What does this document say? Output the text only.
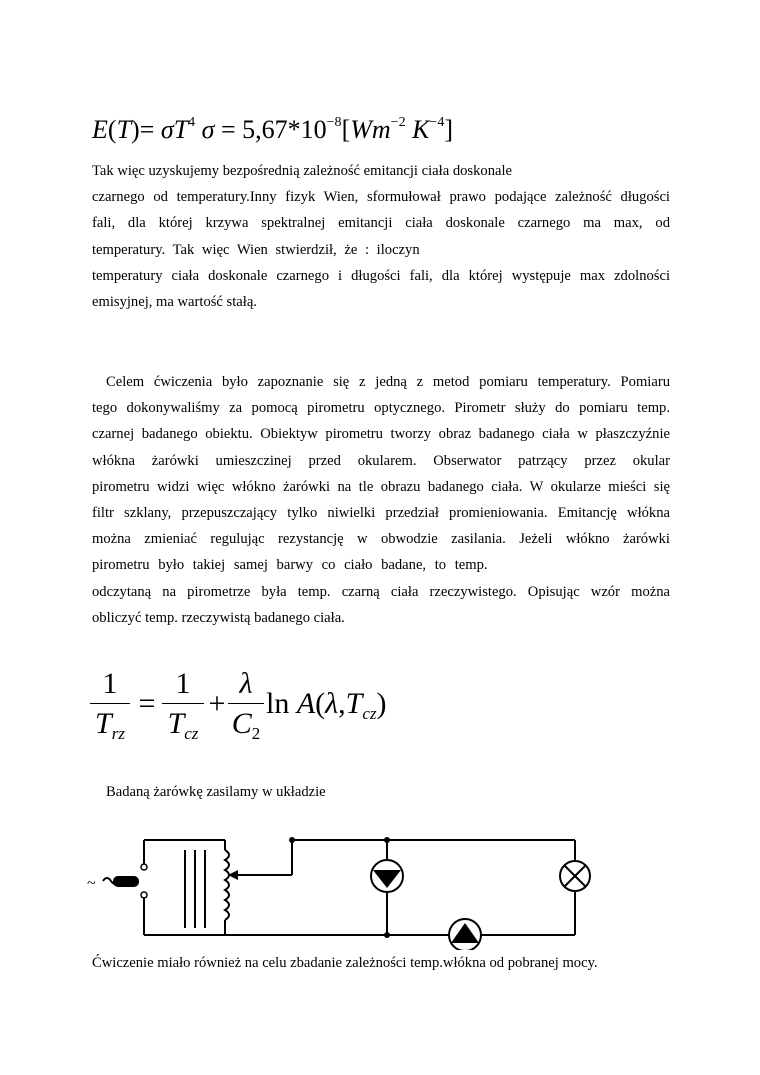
$E(T)= \sigma T^4$ $\sigma = 5,67*10^{-8}[Wm^{-2}$ $K^{-4}$]
Tak więc uzyskujemy bezpośrednią zależność emitancji ciała doskonale
czarnego od temperatury.Inny fizyk Wien, sformułował prawo podające zależność długości
fali, dla której krzywa spektralnej emitancji ciała doskonale czarnego ma max, od
temperatury. Tak więc Wien stwierdził, że : iloczyn
temperatury ciała doskonale czarnego i długości fali, dla której występuje max zdolności
emisyjnej, ma wartość stałą.
Celem ćwiczenia było zapoznanie się z jedną z metod pomiaru temperatury. Pomiaru
tego dokonywaliśmy za pomocą pirometru optycznego. Pirometr służy do pomiaru temp.
czarnej badanego obiektu. Obiektyw pirometru tworzy obraz badanego ciała w płaszczyźnie
włókna żarówki umieszczinej przed okularem. Obserwator patrzący przez okular
pirometru widzi więc włókno żarówki na tle obrazu badanego ciała. W okularze mieści się
filtr szklany, przepuszczający tylko niwielki przedział promieniowania. Emitancję włókna
można zmieniać regulując rezystancję w obwodzie zasilania. Jeżeli włókno żarówki
pirometru było takiej samej barwy co ciało badane, to temp.
odczytaną na pirometrze była temp. czarną ciała rzeczywistego. Opisując wzór można
obliczyć temp. rzeczywistą badanego ciała.
1
$T_{rz}$
=
1
$T_{cz}$
+ $\frac{\lambda}{C_2}$ $\ln A(\lambda,T_{cz})$
Badaną żarówkę zasilamy w układzie
~
Ćwiczenie miało również na celu zbadanie zależności temp.włókna od pobranej mocy.
